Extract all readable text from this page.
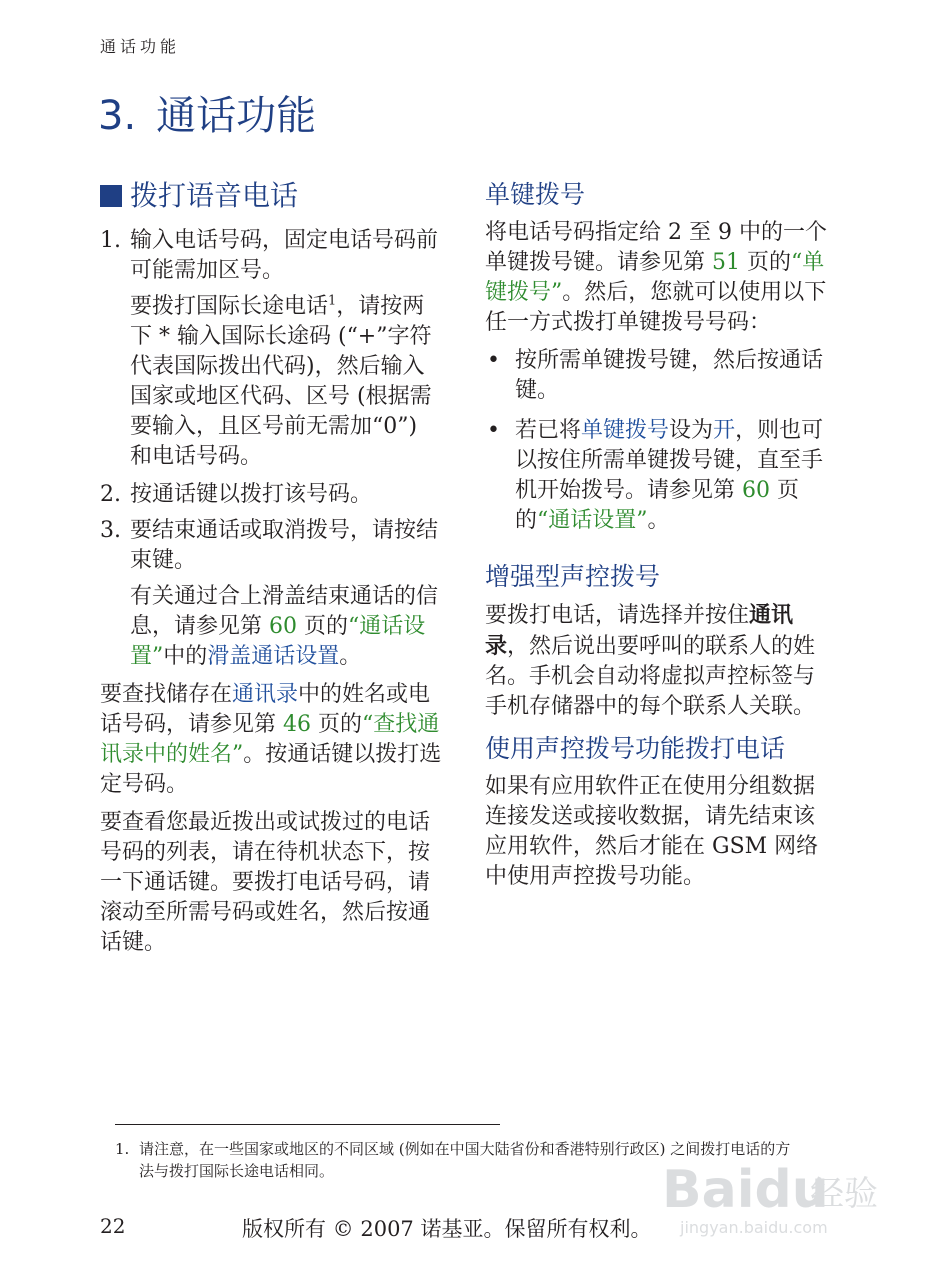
通话功能
3. 通话功能
拨打语音电话
1. 输入电话号码，固定电话号码前可能需加区号。

要拨打国际长途电话$^1$，请按两下 * 输入国际长途码 (“+”字符代表国际拨出代码)，然后输入国家或地区代码、区号 (根据需要输入，且区号前无需加“0”) 和电话号码。

2. 按通话键以拨打该号码。
3. 要结束通话或取消拨号，请按结束键。

有关通过合上滑盖结束通话的信息，请参见第 60 页的“通话设置”中的滑盖通话设置。

要查找储存在通讯录中的姓名或电话号码，请参见第 46 页的“查找通讯录中的姓名”。按通话键以拨打选定号码。

要查看您最近拨出或试拨过的电话号码的列表，请在待机状态下，按一下通话键。要拨打电话号码，请滚动至所需号码或姓名，然后按通话键。

单键拨号

将电话号码指定给 2 至 9 中的一个单键拨号键。请参见第 51 页的“单键拨号”。然后，您就可以使用以下任一方式拨打单键拨号号码：

• 按所需单键拨号键，然后按通话键。
• 若已将单键拨号设为开，则也可以按住所需单键拨号键，直至手机开始拨号。请参见第 60 页的“通话设置”。
增强型声控拨号

要拨打电话，请选择并按住通讯录，然后说出要呼叫的联系人的姓名。手机会自动将虚拟声控标签与手机存储器中的每个联系人关联。

使用声控拨号功能拨打电话

如果有应用软件正在使用分组数据连接发送或接收数据，请先结束该应用软件，然后才能在 GSM 网络中使用声控拨号功能。

1. 请注意，在一些国家或地区的不同区域 (例如在中国大陆省份和香港特别行政区) 之间拨打电话的方法与拨打国际长途电话相同。
22	版权所有 © 2007 诺基亚。保留所有权利。
Baidu
经验
jingyan.baidu.com
